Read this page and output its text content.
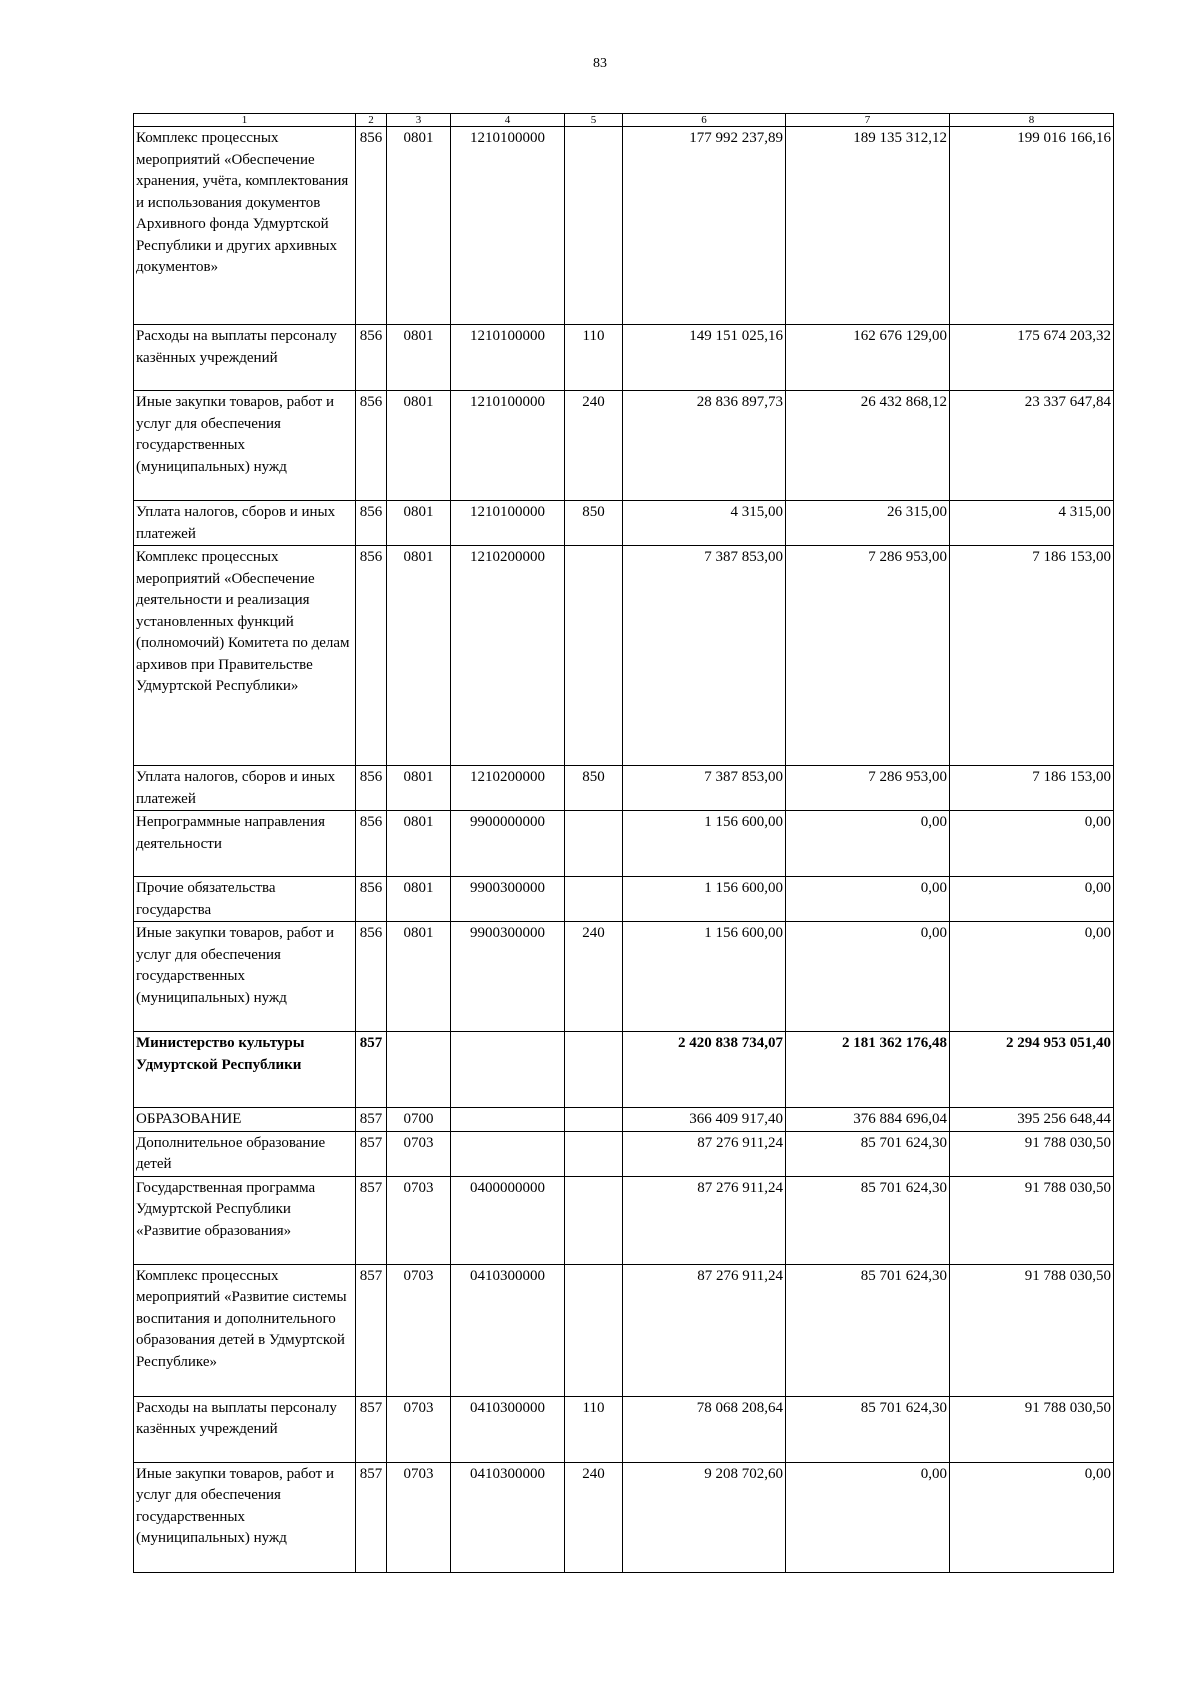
83
1	2	3	4	5	6	7	8
Комплекс процессных мероприятий «Обеспечение хранения, учёта, комплектования и использования документов Архивного фонда Удмуртской Республики и других архивных документов»	856	0801	1210100000		177 992 237,89	189 135 312,12	199 016 166,16
Расходы на выплаты персоналу казённых учреждений	856	0801	1210100000	110	149 151 025,16	162 676 129,00	175 674 203,32
Иные закупки товаров, работ и услуг для обеспечения государственных (муниципальных) нужд	856	0801	1210100000	240	28 836 897,73	26 432 868,12	23 337 647,84
Уплата налогов, сборов и иных платежей	856	0801	1210100000	850	4 315,00	26 315,00	4 315,00
Комплекс процессных мероприятий «Обеспечение деятельности и реализация установленных функций (полномочий) Комитета по делам архивов при Правительстве Удмуртской Республики»	856	0801	1210200000		7 387 853,00	7 286 953,00	7 186 153,00
Уплата налогов, сборов и иных платежей	856	0801	1210200000	850	7 387 853,00	7 286 953,00	7 186 153,00
Непрограммные направления деятельности	856	0801	9900000000		1 156 600,00	0,00	0,00
Прочие обязательства государства	856	0801	9900300000		1 156 600,00	0,00	0,00
Иные закупки товаров, работ и услуг для обеспечения государственных (муниципальных) нужд	856	0801	9900300000	240	1 156 600,00	0,00	0,00
Министерство культуры Удмуртской Республики	857				2 420 838 734,07	2 181 362 176,48	2 294 953 051,40
ОБРАЗОВАНИЕ	857	0700			366 409 917,40	376 884 696,04	395 256 648,44
Дополнительное образование детей	857	0703			87 276 911,24	85 701 624,30	91 788 030,50
Государственная программа Удмуртской Республики «Развитие образования»	857	0703	0400000000		87 276 911,24	85 701 624,30	91 788 030,50
Комплекс процессных мероприятий «Развитие системы воспитания и дополнительного образования детей в Удмуртской Республике»	857	0703	0410300000		87 276 911,24	85 701 624,30	91 788 030,50
Расходы на выплаты персоналу казённых учреждений	857	0703	0410300000	110	78 068 208,64	85 701 624,30	91 788 030,50
Иные закупки товаров, работ и услуг для обеспечения государственных (муниципальных) нужд	857	0703	0410300000	240	9 208 702,60	0,00	0,00
